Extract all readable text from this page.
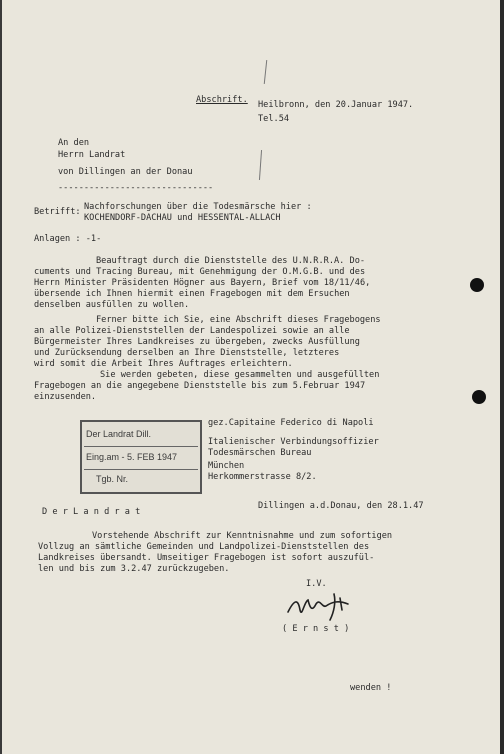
Abschrift. Heilbronn, den 20.Januar 1947.
Tel.54
An den
Herrn Landrat
von Dillingen an der Donau
------------------------------
Betrifft: Nachforschungen über die Todesmärsche hier :
KOCHENDORF-DACHAU und HESSENTAL-ALLACH
Anlagen : -1-
Beauftragt durch die Dienststelle des U.N.R.R.A. Do-
cuments und Tracing Bureau, mit Genehmigung der O.M.G.B. und des
Herrn Minister Präsidenten Högner aus Bayern, Brief vom 18/11/46,
übersende ich Ihnen hiermit einen Fragebogen mit dem Ersuchen
denselben ausfüllen zu wollen.
Ferner bitte ich Sie, eine Abschrift dieses Fragebogens
an alle Polizei-Dienststellen der Landespolizei sowie an alle
Bürgermeister Ihres Landkreises zu übergeben, zwecks Ausfüllung
und Zurücksendung derselben an Ihre Dienststelle, letzteres
wird somit die Arbeit Ihres Auftrages erleichtern.
Sie werden gebeten, diese gesammelten und ausgefüllten
Fragebogen an die angegebene Dienststelle bis zum 5.Februar 1947
einzusenden.
Der Landrat Dill.
Eing.am - 5. FEB 1947
Tgb. Nr.
gez.Capitaine Federico di Napoli
Italienischer Verbindungsoffizier
Todesmärschen Bureau
München
Herkommerstrasse 8/2.
D e r L a n d r a t
Dillingen a.d.Donau, den 28.1.47
Vorstehende Abschrift zur Kenntnisnahme und zum sofortigen
Vollzug an sämtliche Gemeinden und Landpolizei-Dienststellen des
Landkreises übersandt. Umseitiger Fragebogen ist sofort auszufül-
len und bis zum 3.2.47 zurückzugeben.
I.V.
( E r n s t )
wenden !
